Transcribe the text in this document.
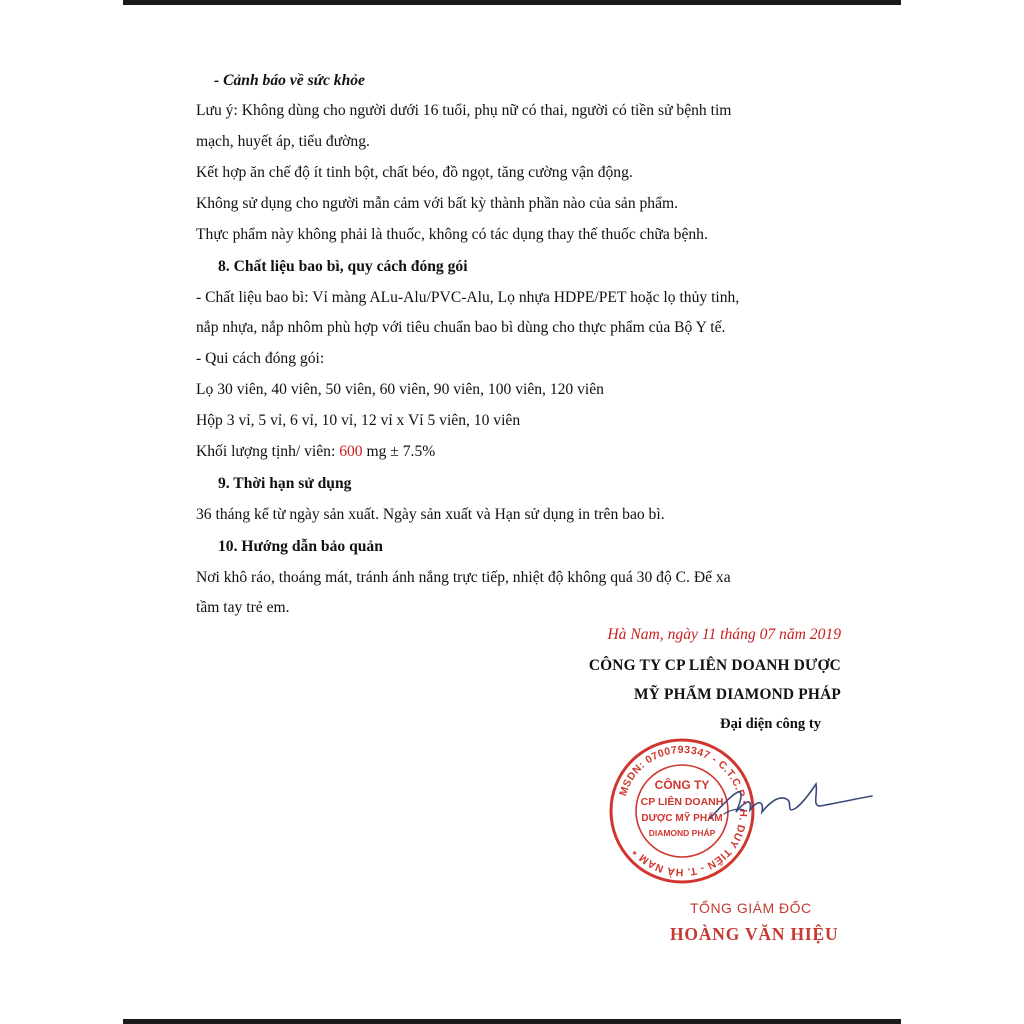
- Cảnh báo về sức khỏe
Lưu ý: Không dùng cho người dưới 16 tuổi, phụ nữ có thai, người có tiền sử bệnh tim
mạch, huyết áp, tiểu đường.
Kết hợp ăn chế độ ít tinh bột, chất béo, đồ ngọt, tăng cường vận động.
Không sử dụng cho người mẫn cảm với bất kỳ thành phần nào của sản phẩm.
Thực phẩm này không phải là thuốc, không có tác dụng thay thế thuốc chữa bệnh.
8. Chất liệu bao bì, quy cách đóng gói
- Chất liệu bao bì: Vỉ màng ALu-Alu/PVC-Alu, Lọ nhựa HDPE/PET hoặc lọ thủy tinh,
nắp nhựa, nắp nhôm phù hợp với tiêu chuẩn bao bì dùng cho thực phẩm của Bộ Y tế.
- Qui cách đóng gói:
Lọ 30 viên, 40 viên, 50 viên, 60 viên, 90 viên, 100 viên, 120 viên
Hộp 3 vỉ, 5 vỉ, 6 vỉ, 10 vỉ, 12 vỉ x Vỉ 5 viên, 10 viên
Khối lượng tịnh/ viên: 600 mg ± 7.5%
9. Thời hạn sử dụng
36 tháng kể từ ngày sản xuất. Ngày sản xuất và Hạn sử dụng in trên bao bì.
10. Hướng dẫn bảo quản
Nơi khô ráo, thoáng mát, tránh ánh nắng trực tiếp, nhiệt độ không quá 30 độ C. Để xa
tầm tay trẻ em.
Hà Nam, ngày 11 tháng 07 năm 2019
CÔNG TY CP LIÊN DOANH DƯỢC
MỸ PHẨM DIAMOND PHÁP
Đại diện công ty
MSDN: 0700793347 - C.T.C.P * H. DUY TIÊN - T. HÀ NAM *
CÔNG TY
CP LIÊN DOANH
DƯỢC MỸ PHẨM
DIAMOND PHÁP
TỔNG GIÁM ĐỐC
HOÀNG VĂN HIỆU
